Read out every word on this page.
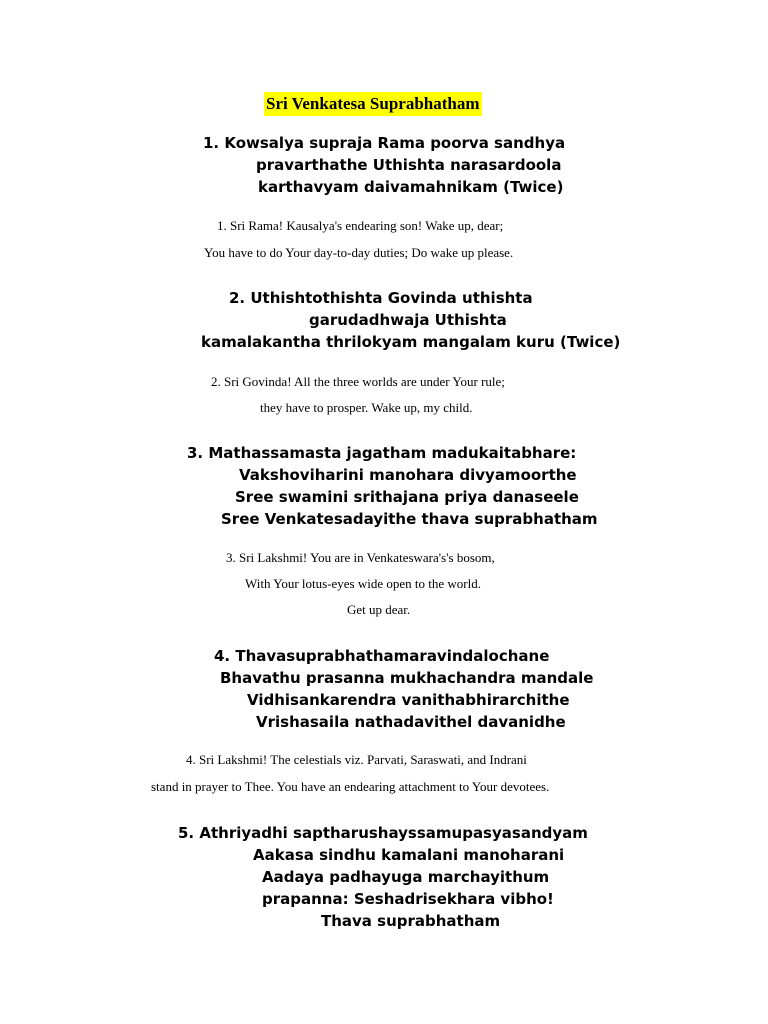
Sri Venkatesa Suprabhatham
1. Kowsalya supraja Rama poorva sandhya
pravarthathe Uthishta narasardoola
karthavyam daivamahnikam (Twice)
1. Sri Rama! Kausalya's endearing son! Wake up, dear;
You have to do Your day-to-day duties; Do wake up please.
2. Uthishtothishta Govinda uthishta
garudadhwaja Uthishta
kamalakantha thrilokyam mangalam kuru (Twice)
2. Sri Govinda! All the three worlds are under Your rule;
they have to prosper. Wake up, my child.
3. Mathassamasta jagatham madukaitabhare:
Vakshoviharini manohara divyamoorthe
Sree swamini srithajana priya danaseele
Sree Venkatesadayithe thava suprabhatham
3. Sri Lakshmi! You are in Venkateswara's's bosom,
With Your lotus-eyes wide open to the world.
Get up dear.
4. Thavasuprabhathamaravindalochane
Bhavathu prasanna mukhachandra mandale
Vidhisankarendra vanithabhirarchithe
Vrishasaila nathadavithel davanidhe
4. Sri Lakshmi! The celestials viz. Parvati, Saraswati, and Indrani
stand in prayer to Thee. You have an endearing attachment to Your devotees.
5. Athriyadhi saptharushayssamupasyasandyam
Aakasa sindhu kamalani manoharani
Aadaya padhayuga marchayithum
prapanna: Seshadrisekhara vibho!
Thava suprabhatham
